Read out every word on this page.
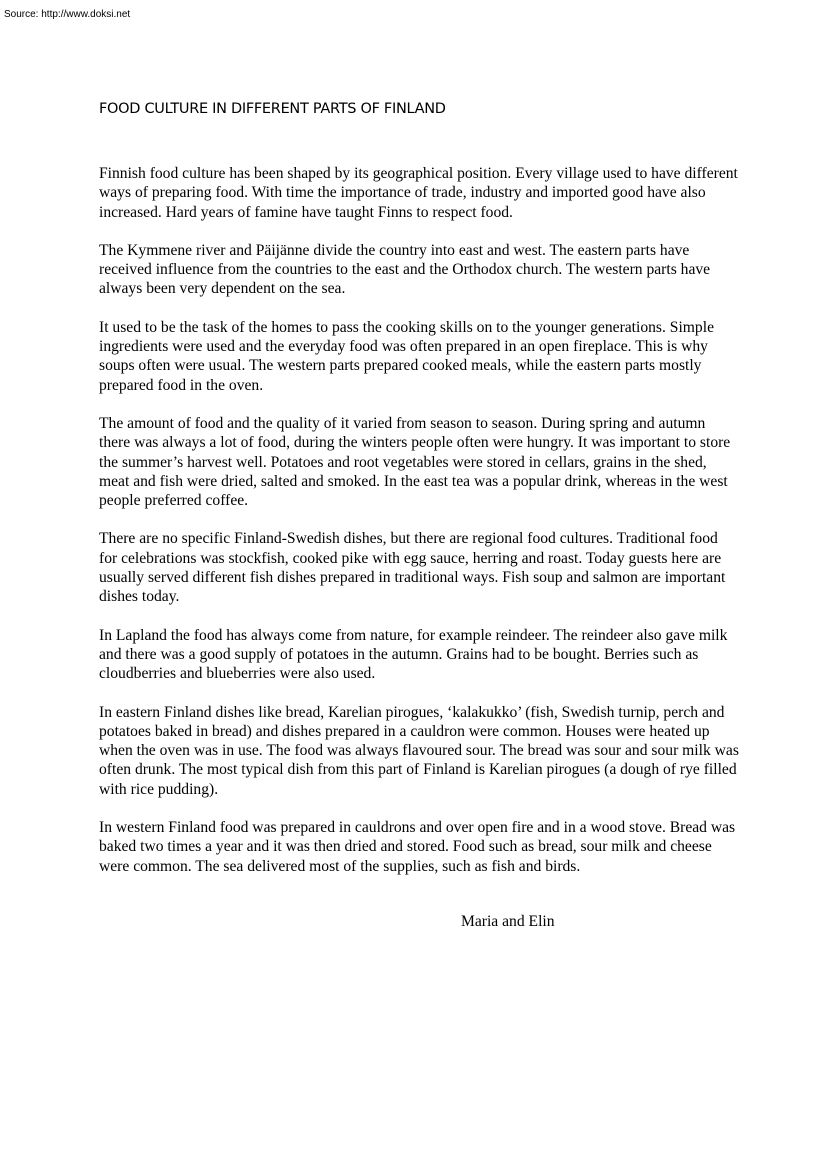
Source: http://www.doksi.net

FOOD CULTURE IN DIFFERENT PARTS OF FINLAND

Finnish food culture has been shaped by its geographical position. Every village used to have different ways of preparing food. With time the importance of trade, industry and imported good have also increased. Hard years of famine have taught Finns to respect food.

The Kymmene river and Päijänne divide the country into east and west. The eastern parts have received influence from the countries to the east and the Orthodox church. The western parts have always been very dependent on the sea.

It used to be the task of the homes to pass the cooking skills on to the younger generations. Simple ingredients were used and the everyday food was often prepared in an open fireplace. This is why soups often were usual. The western parts prepared cooked meals, while the eastern parts mostly prepared food in the oven.

The amount of food and the quality of it varied from season to season. During spring and autumn there was always a lot of food, during the winters people often were hungry. It was important to store the summer’s harvest well. Potatoes and root vegetables were stored in cellars, grains in the shed, meat and fish were dried, salted and smoked. In the east tea was a popular drink, whereas in the west people preferred coffee.

There are no specific Finland-Swedish dishes, but there are regional food cultures. Traditional food for celebrations was stockfish, cooked pike with egg sauce, herring and roast. Today guests here are usually served different fish dishes prepared in traditional ways. Fish soup and salmon are important dishes today.

In Lapland the food has always come from nature, for example reindeer. The reindeer also gave milk and there was a good supply of potatoes in the autumn. Grains had to be bought. Berries such as cloudberries and blueberries were also used.

In eastern Finland dishes like bread, Karelian pirogues, ‘kalakukko’ (fish, Swedish turnip, perch and potatoes baked in bread) and dishes prepared in a cauldron were common. Houses were heated up when the oven was in use. The food was always flavoured sour. The bread was sour and sour milk was often drunk. The most typical dish from this part of Finland is Karelian pirogues (a dough of rye filled with rice pudding).

In western Finland food was prepared in cauldrons and over open fire and in a wood stove. Bread was baked two times a year and it was then dried and stored. Food such as bread, sour milk and cheese were common. The sea delivered most of the supplies, such as fish and birds.

Maria and Elin
